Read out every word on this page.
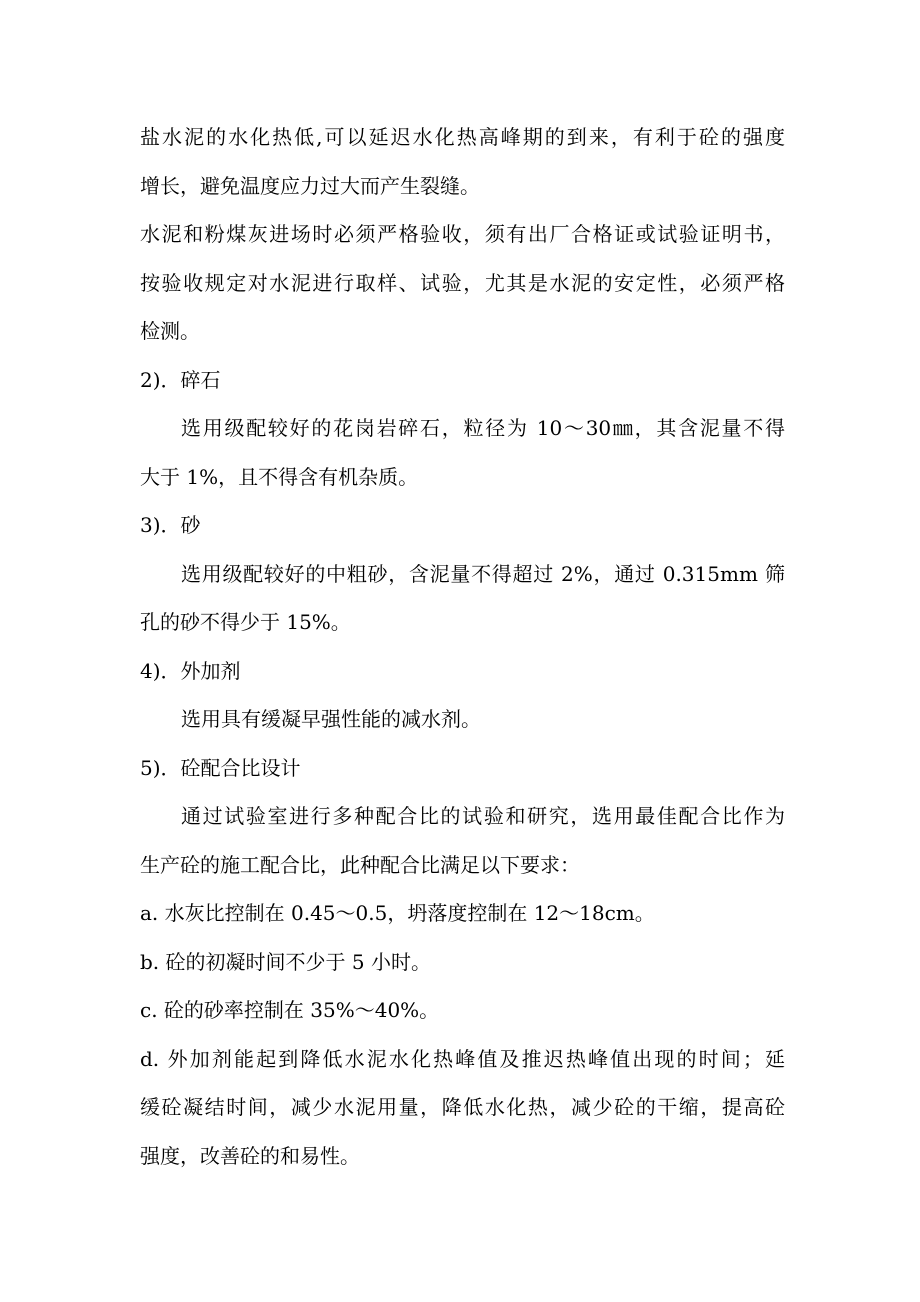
盐水泥的水化热低,可以延迟水化热高峰期的到来，有利于砼的强度
增长，避免温度应力过大而产生裂缝。
水泥和粉煤灰进场时必须严格验收，须有出厂合格证或试验证明书，
按验收规定对水泥进行取样、试验，尤其是水泥的安定性，必须严格
检测。
2)．碎石
选用级配较好的花岗岩碎石，粒径为 10～30㎜，其含泥量不得
大于 1%，且不得含有机杂质。
3)．砂
选用级配较好的中粗砂，含泥量不得超过 2%，通过 0.315mm 筛
孔的砂不得少于 15%。
4)．外加剂
选用具有缓凝早强性能的减水剂。
5)．砼配合比设计
通过试验室进行多种配合比的试验和研究，选用最佳配合比作为
生产砼的施工配合比，此种配合比满足以下要求：
a. 水灰比控制在 0.45～0.5，坍落度控制在 12～18cm。
b. 砼的初凝时间不少于 5 小时。
c. 砼的砂率控制在 35%～40%。
d. 外加剂能起到降低水泥水化热峰值及推迟热峰值出现的时间；延
缓砼凝结时间，减少水泥用量，降低水化热，减少砼的干缩，提高砼
强度，改善砼的和易性。
